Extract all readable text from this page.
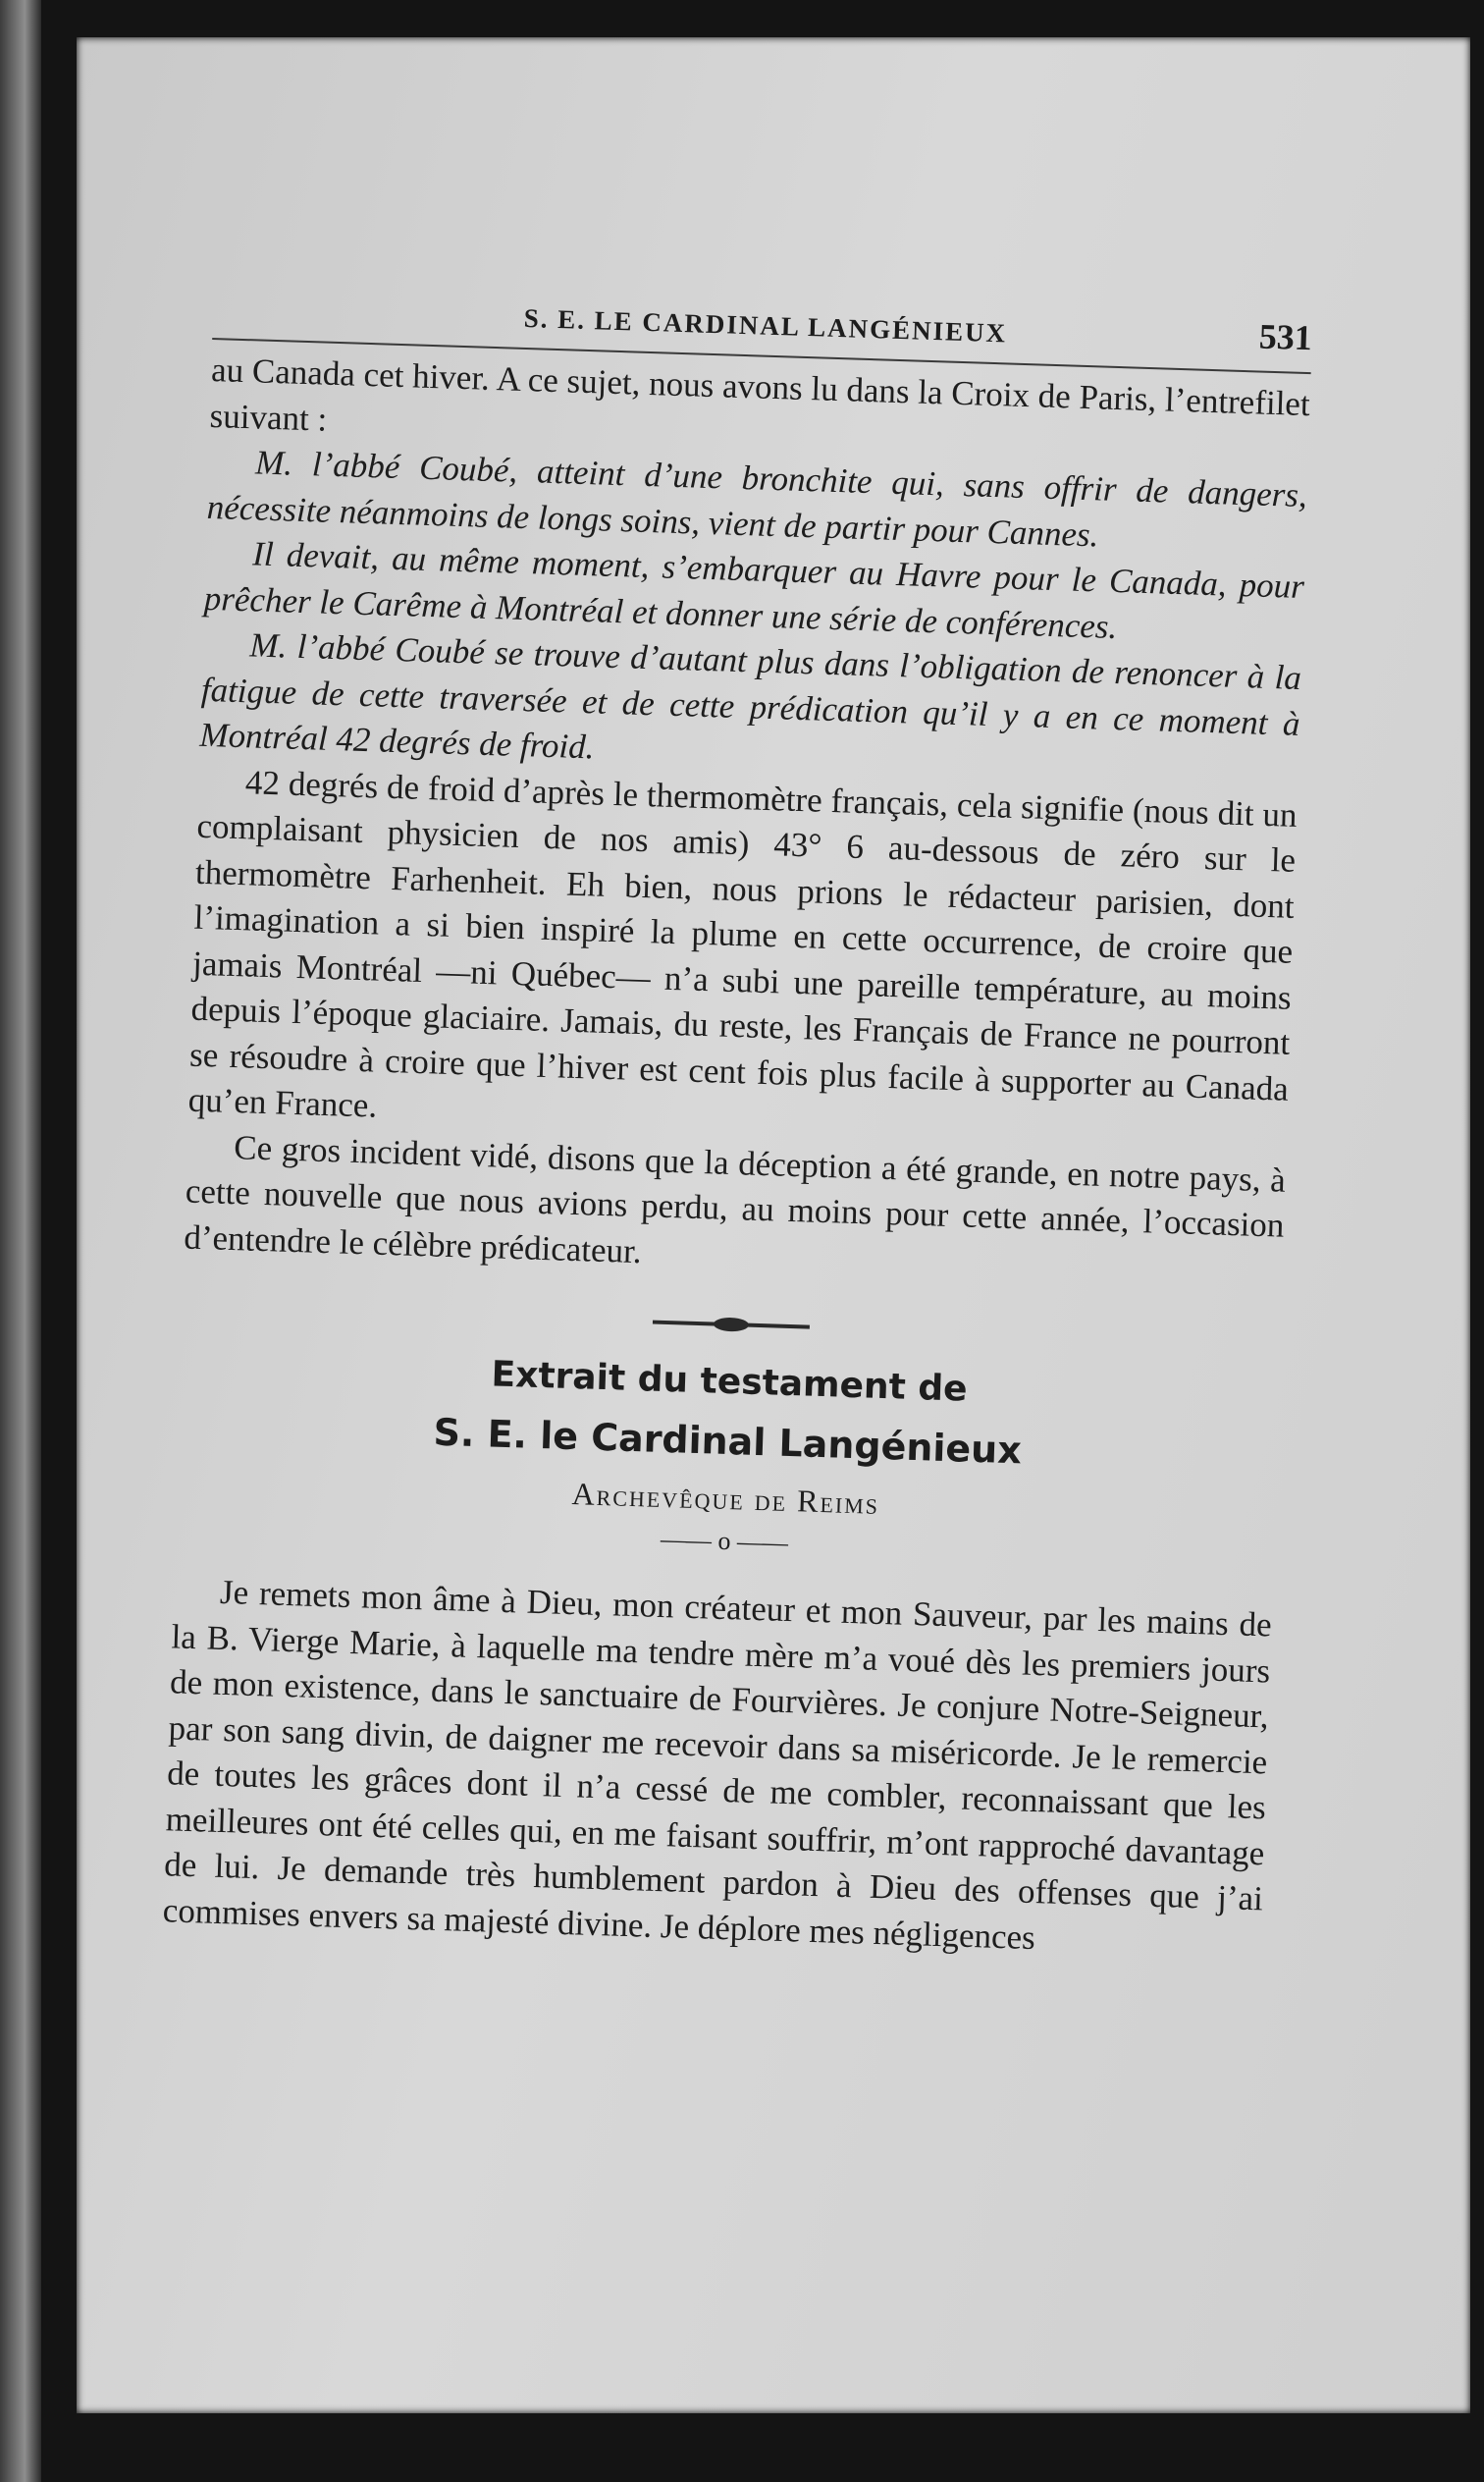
S. E. LE CARDINAL LANGÉNIEUX	531

au Canada cet hiver. A ce sujet, nous avons lu dans la Croix de Paris, l’entrefilet suivant :

M. l’abbé Coubé, atteint d’une bronchite qui, sans offrir de dangers, nécessite néanmoins de longs soins, vient de partir pour Cannes.

Il devait, au même moment, s’embarquer au Havre pour le Canada, pour prêcher le Carême à Montréal et donner une série de conférences.

M. l’abbé Coubé se trouve d’autant plus dans l’obligation de renoncer à la fatigue de cette traversée et de cette prédication qu’il y a en ce moment à Montréal 42 degrés de froid.

42 degrés de froid d’après le thermomètre français, cela signifie (nous dit un complaisant physicien de nos amis) 43° 6 au-dessous de zéro sur le thermomètre Farhenheit. Eh bien, nous prions le rédacteur parisien, dont l’imagination a si bien inspiré la plume en cette occurrence, de croire que jamais Montréal —ni Québec— n’a subi une pareille température, au moins depuis l’époque glaciaire. Jamais, du reste, les Français de France ne pourront se résoudre à croire que l’hiver est cent fois plus facile à supporter au Canada qu’en France.

Ce gros incident vidé, disons que la déception a été grande, en notre pays, à cette nouvelle que nous avions perdu, au moins pour cette année, l’occasion d’entendre le célèbre prédicateur.

Extrait du testament de
S. E. le Cardinal Langénieux
Archevêque de Reims
—— o ——

Je remets mon âme à Dieu, mon créateur et mon Sauveur, par les mains de la B. Vierge Marie, à laquelle ma tendre mère m’a voué dès les premiers jours de mon existence, dans le sanctuaire de Fourvières. Je conjure Notre-Seigneur, par son sang divin, de daigner me recevoir dans sa miséricorde. Je le remercie de toutes les grâces dont il n’a cessé de me combler, reconnaissant que les meilleures ont été celles qui, en me faisant souffrir, m’ont rapproché davantage de lui. Je demande très humblement pardon à Dieu des offenses que j’ai commises envers sa majesté divine. Je déplore mes négligences
